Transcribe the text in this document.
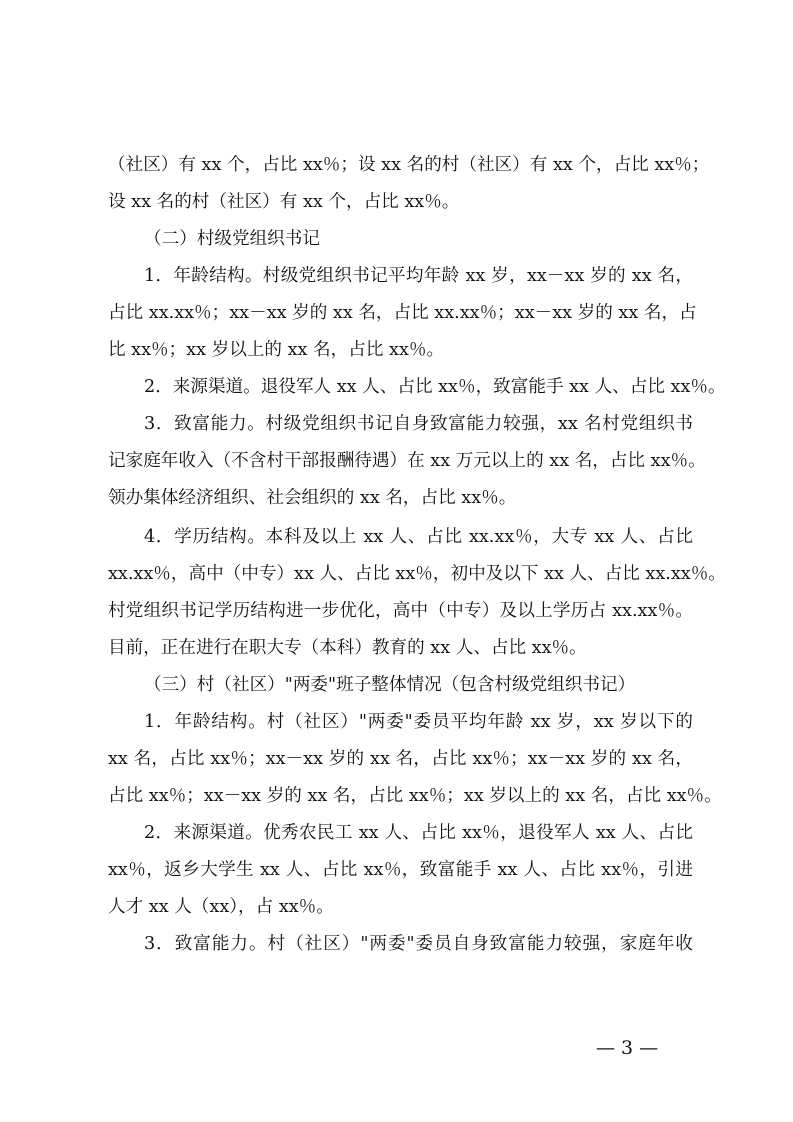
（社区）有 xx 个，占比 xx％；设 xx 名的村（社区）有 xx 个，占比 xx％；
设 xx 名的村（社区）有 xx 个，占比 xx％。
（二）村级党组织书记
1．年龄结构。村级党组织书记平均年龄 xx 岁，xx－xx 岁的 xx 名，
占比 xx.xx％；xx－xx 岁的 xx 名，占比 xx.xx％；xx－xx 岁的 xx 名，占
比 xx％；xx 岁以上的 xx 名，占比 xx％。
2．来源渠道。退役军人 xx 人、占比 xx％，致富能手 xx 人、占比 xx％。
3．致富能力。村级党组织书记自身致富能力较强，xx 名村党组织书
记家庭年收入（不含村干部报酬待遇）在 xx 万元以上的 xx 名，占比 xx％。
领办集体经济组织、社会组织的 xx 名，占比 xx％。
4．学历结构。本科及以上 xx 人、占比 xx.xx％，大专 xx 人、占比
xx.xx％，高中（中专）xx 人、占比 xx％，初中及以下 xx 人、占比 xx.xx％。
村党组织书记学历结构进一步优化，高中（中专）及以上学历占 xx.xx％。
目前，正在进行在职大专（本科）教育的 xx 人、占比 xx％。
（三）村（社区）"两委"班子整体情况（包含村级党组织书记）
1．年龄结构。村（社区）"两委"委员平均年龄 xx 岁，xx 岁以下的
xx 名，占比 xx％；xx－xx 岁的 xx 名，占比 xx％；xx－xx 岁的 xx 名，
占比 xx％；xx－xx 岁的 xx 名，占比 xx％；xx 岁以上的 xx 名，占比 xx％。
2．来源渠道。优秀农民工 xx 人、占比 xx％，退役军人 xx 人、占比
xx％，返乡大学生 xx 人、占比 xx％，致富能手 xx 人、占比 xx％，引进
人才 xx 人（xx），占 xx％。
3．致富能力。村（社区）"两委"委员自身致富能力较强，家庭年收
— 3 —
